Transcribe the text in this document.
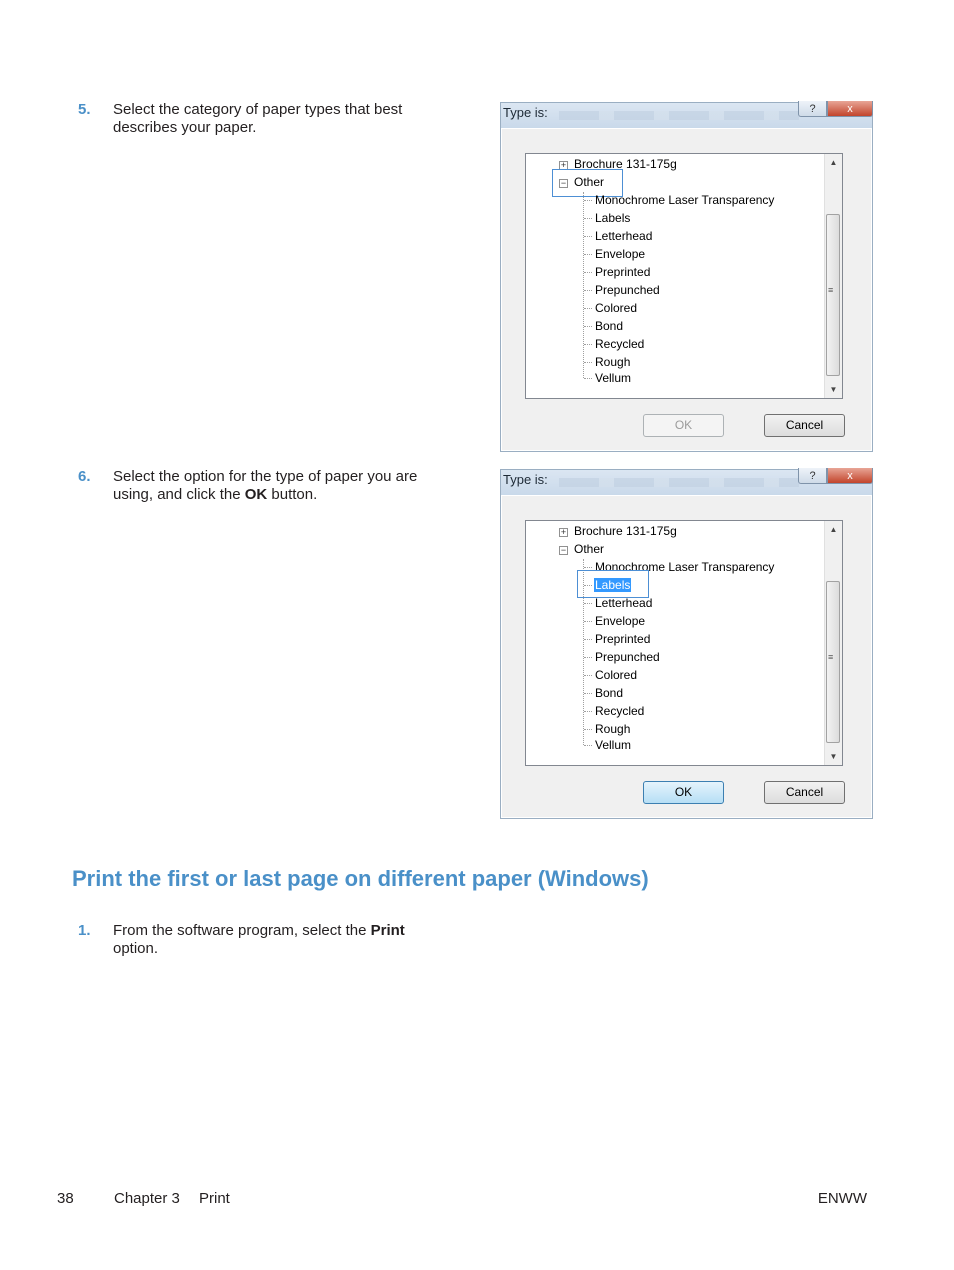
5. Select the category of paper types that best describes your paper.
6. Select the option for the type of paper you are using, and click the OK button.
Type is:	?	x
+ Brochure 131-175g
− Other
Monochrome Laser Transparency
Labels
Letterhead
Envelope
Preprinted
Prepunched
Colored
Bond
Recycled
Rough
Vellum
▲
≡
▼
OK	Cancel
Type is:	?	x
+ Brochure 131-175g
− Other
Monochrome Laser Transparency
Labels
Letterhead
Envelope
Preprinted
Prepunched
Colored
Bond
Recycled
Rough
Vellum
▲
≡
▼
OK	Cancel
Print the first or last page on different paper (Windows)
1. From the software program, select the Print option.
38	Chapter 3 Print	ENWW
